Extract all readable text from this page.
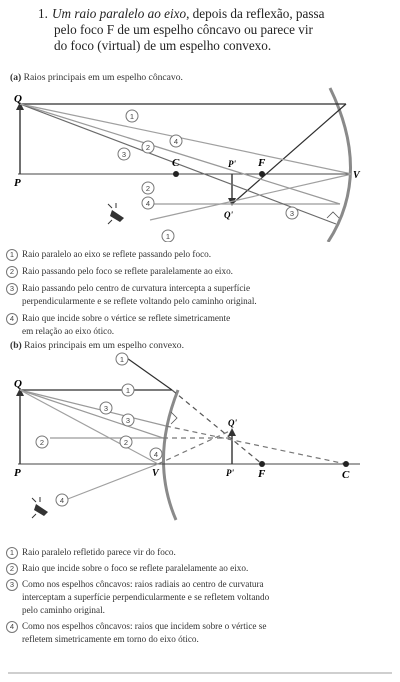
1. Um raio paralelo ao eixo, depois da reflexão, passa
pelo foco F de um espelho côncavo ou parece vir
do foco (virtual) de um espelho convexo.
(a) Raios principais em um espelho côncavo.
Q
P
C	P' F
V
Q'
1
4
2
3
2
4
3
1
1 Raio paralelo ao eixo se reflete passando pelo foco.
2 Raio passando pelo foco se reflete paralelamente ao eixo.
3 Raio passando pelo centro de curvatura intercepta a superfície
perpendicularmente e se reflete voltando pelo caminho original.
4 Raio que incide sobre o vértice se reflete simetricamente
em relação ao eixo ótico.
(b) Raios principais em um espelho convexo.
Q
P	V	P' F	C
Q'
1
1
3
3
2	2
4
4
1 Raio paralelo refletido parece vir do foco.
2 Raio que incide sobre o foco se reflete paralelamente ao eixo.
3 Como nos espelhos côncavos: raios radiais ao centro de curvatura
interceptam a superfície perpendicularmente e se refletem voltando
pelo caminho original.
4 Como nos espelhos côncavos: raios que incidem sobre o vértice se
refletem simetricamente em torno do eixo ótico.
